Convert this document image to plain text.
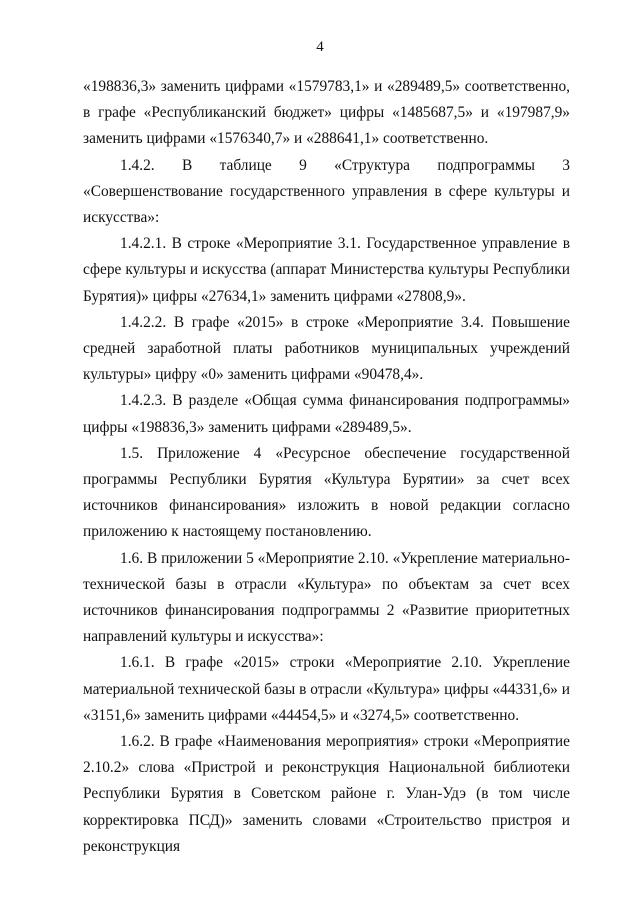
4

«198836,3» заменить цифрами «1579783,1» и «289489,5» соответственно, в графе «Республиканский бюджет» цифры «1485687,5» и «197987,9» заменить цифрами «1576340,7» и «288641,1» соответственно.

1.4.2. В таблице 9 «Структура подпрограммы 3 «Совершенствование государственного управления в сфере культуры и искусства»:

1.4.2.1. В строке «Мероприятие 3.1. Государственное управление в сфере культуры и искусства (аппарат Министерства культуры Республики Бурятия)» цифры «27634,1» заменить цифрами «27808,9».

1.4.2.2. В графе «2015» в строке «Мероприятие 3.4. Повышение средней заработной платы работников муниципальных учреждений культуры» цифру «0» заменить цифрами «90478,4».

1.4.2.3. В разделе «Общая сумма финансирования подпрограммы» цифры «198836,3» заменить цифрами «289489,5».

1.5. Приложение 4 «Ресурсное обеспечение государственной программы Республики Бурятия «Культура Бурятии» за счет всех источников финансирования» изложить в новой редакции согласно приложению к настоящему постановлению.

1.6. В приложении 5 «Мероприятие 2.10. «Укрепление материально-технической базы в отрасли «Культура» по объектам за счет всех источников финансирования подпрограммы 2 «Развитие приоритетных направлений культуры и искусства»:

1.6.1. В графе «2015» строки «Мероприятие 2.10. Укрепление материальной технической базы в отрасли «Культура» цифры «44331,6» и «3151,6» заменить цифрами «44454,5» и «3274,5» соответственно.

1.6.2. В графе «Наименования мероприятия» строки «Мероприятие 2.10.2» слова «Пристрой и реконструкция Национальной библиотеки Республики Бурятия в Советском районе г. Улан-Удэ (в том числе корректировка ПСД)» заменить словами «Строительство пристроя и реконструкция
